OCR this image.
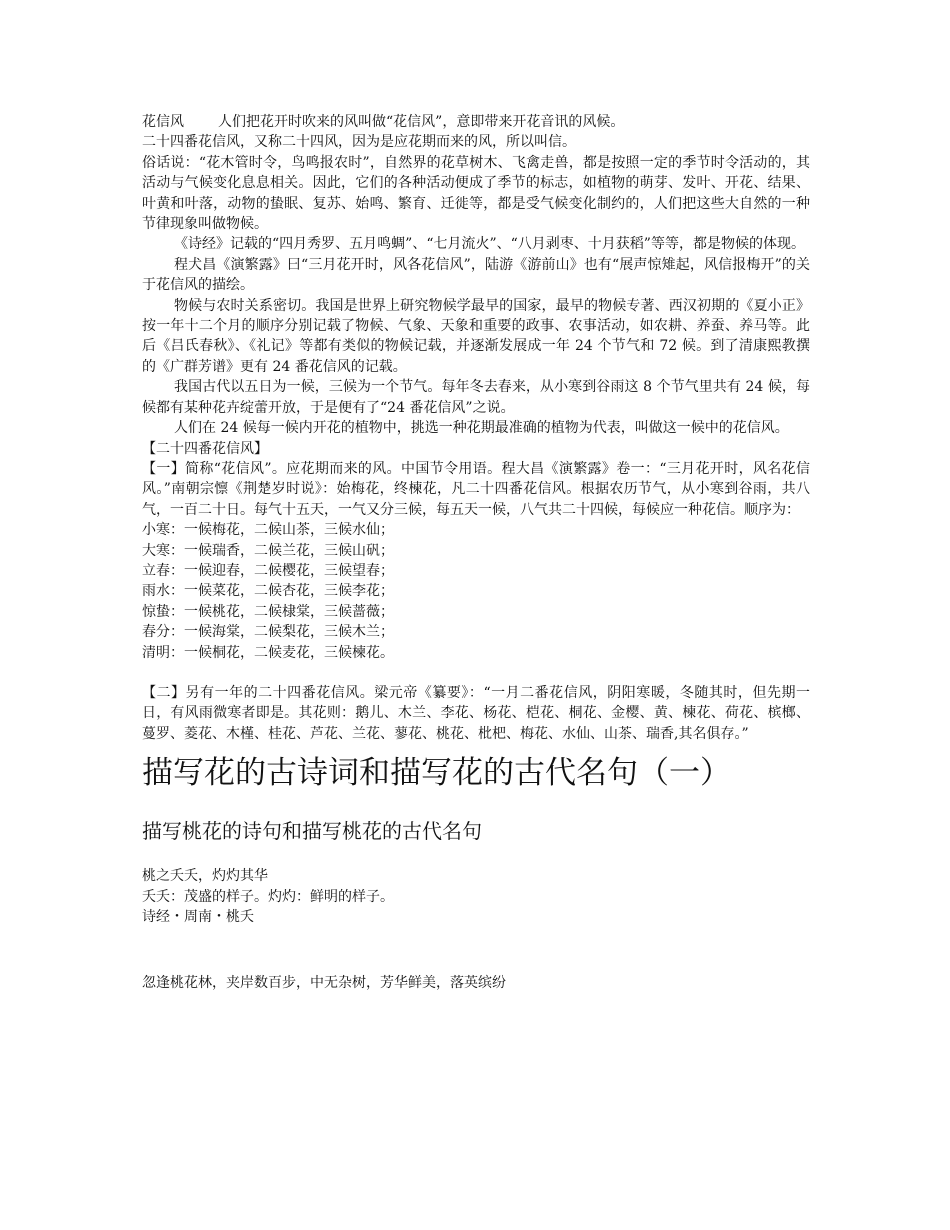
花信风 人们把花开时吹来的风叫做“花信风”，意即带来开花音讯的风候。

二十四番花信风，又称二十四风，因为是应花期而来的风，所以叫信。

俗话说：“花木管时令，鸟鸣报农时”，自然界的花草树木、飞禽走兽，都是按照一定的季节时令活动的，其活动与气候变化息息相关。因此，它们的各种活动便成了季节的标志，如植物的萌芽、发叶、开花、结果、叶黄和叶落，动物的蛰眠、复苏、始鸣、繁育、迁徙等，都是受气候变化制约的，人们把这些大自然的一种节律现象叫做物候。

《诗经》记载的“四月秀罗、五月鸣蜩”、“七月流火”、“八月剥枣、十月获稻”等等，都是物候的体现。

程犬昌《演繁露》曰“三月花开时，风各花信风”，陆游《游前山》也有“展声惊雉起，风信报梅开”的关于花信风的描绘。

物候与农时关系密切。我国是世界上研究物候学最早的国家，最早的物候专著、西汉初期的《夏小正》按一年十二个月的顺序分别记载了物候、气象、天象和重要的政事、农事活动，如农耕、养蚕、养马等。此后《吕氏春秋》、《礼记》等都有类似的物候记载，并逐渐发展成一年 24 个节气和 72 候。到了清康熙教撰的《广群芳谱》更有 24 番花信风的记载。

我国古代以五日为一候，三候为一个节气。每年冬去春来，从小寒到谷雨这 8 个节气里共有 24 候，每候都有某种花卉绽蕾开放，于是便有了“24 番花信风”之说。

人们在 24 候每一候内开花的植物中，挑选一种花期最准确的植物为代表，叫做这一候中的花信风。

【二十四番花信风】

【一】简称“花信风”。应花期而来的风。中国节令用语。程大昌《演繁露》卷一：“三月花开时，风名花信风。”南朝宗懔《荆楚岁时说》：始梅花，终楝花，凡二十四番花信风。根据农历节气，从小寒到谷雨，共八气，一百二十日。每气十五天，一气又分三候，每五天一候，八气共二十四候，每候应一种花信。顺序为：

小寒：一候梅花，二候山茶，三候水仙；

大寒：一候瑞香，二候兰花，三候山矾；

立春：一候迎春，二候樱花，三候望春；

雨水：一候菜花，二候杏花，三候李花；

惊蛰：一候桃花，二候棣棠，三候蔷薇；

春分：一候海棠，二候梨花，三候木兰；

清明：一候桐花，二候麦花，三候楝花。

【二】另有一年的二十四番花信风。梁元帝《纂要》：“一月二番花信风，阴阳寒暖，冬随其时，但先期一日，有风雨微寒者即是。其花则：鹅儿、木兰、李花、杨花、桤花、桐花、金樱、黄、楝花、荷花、槟榔、蔓罗、菱花、木槿、桂花、芦花、兰花、蓼花、桃花、枇杷、梅花、水仙、山茶、瑞香,其名俱存。”

描写花的古诗词和描写花的古代名句（一）
描写桃花的诗句和描写桃花的古代名句

桃之夭夭，灼灼其华

夭夭：茂盛的样子。灼灼：鲜明的样子。

诗经・周南・桃夭

忽逢桃花林，夹岸数百步，中无杂树，芳华鲜美，落英缤纷
